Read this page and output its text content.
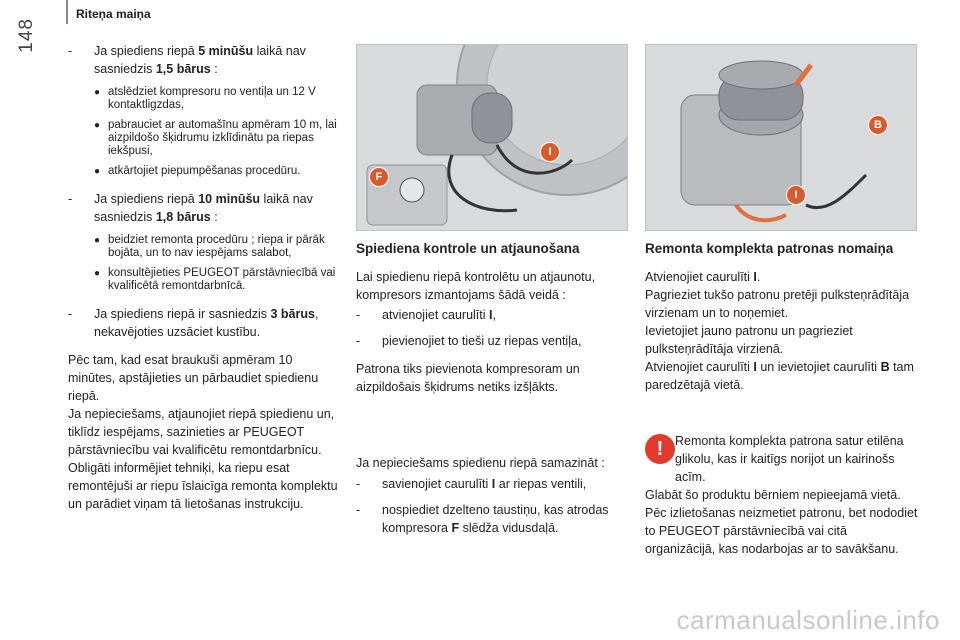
Riteņa maiņa
148 - Ja spiediens riepā 5 minūšu laikā nav sasniedzis 1,5 bārus :
● atslēdziet kompresoru no ventiļa un 12 V kontaktligzdas,
● pabrauciet ar automašīnu apmēram 10 m, lai aizpildošo šķidrumu izklīdinātu pa riepas iekšpusi,
● atkārtojiet piepumpēšanas procedūru.
- Ja spiediens riepā 10 minūšu laikā nav sasniedzis 1,8 bārus :
● beidziet remonta procedūru ; riepa ir pārāk bojāta, un to nav iespējams salabot,
● konsultējieties PEUGEOT pārstāvniecībā vai kvalificētā remontdarbnīcā.
- Ja spiediens riepā ir sasniedzis 3 bārus, nekavējoties uzsāciet kustību.

Pēc tam, kad esat braukuši apmēram 10 minūtes, apstājieties un pārbaudiet spiedienu riepā.

Ja nepieciešams, atjaunojiet riepā spiedienu un, tiklīdz iespējams, sazinieties ar PEUGEOT pārstāvniecību vai kvalificētu remontdarbnīcu.

Obligāti informējiet tehniķi, ka riepu esat remontējuši ar riepu īslaicīga remonta komplektu un parādiet viņam tā lietošanas instrukciju.

I
F
B
I
Spiediena kontrole un atjaunošana

Lai spiedienu riepā kontrolētu un atjaunotu, kompresors izmantojams šādā veidā :

- atvienojiet caurulīti I,
- pievienojiet to tieši uz riepas ventiļa,

Patrona tiks pievienota kompresoram un aizpildošais šķidrums netiks izšļākts.

Ja nepieciešams spiedienu riepā samazināt :

- savienojiet caurulīti I ar riepas ventili,
- nospiediet dzelteno taustiņu, kas atrodas kompresora F slēdža vidusdaļā.
Remonta komplekta patronas nomaiņa

Atvienojiet caurulīti I.

Pagrieziet tukšo patronu pretēji pulksteņrādītāja virzienam un to noņemiet.

Ievietojiet jauno patronu un pagrieziet pulksteņrādītāja virzienā.

Atvienojiet caurulīti I un ievietojiet caurulīti B tam paredzētajā vietā.

! Remonta komplekta patrona satur etilēna glikolu, kas ir kaitīgs norijot un kairinošs acīm.

Glabāt šo produktu bērniem nepieejamā vietā.

Pēc izlietošanas neizmetiet patronu, bet nododiet to PEUGEOT pārstāvniecībā vai citā organizācijā, kas nodarbojas ar to savākšanu.

carmanualsonline.info
